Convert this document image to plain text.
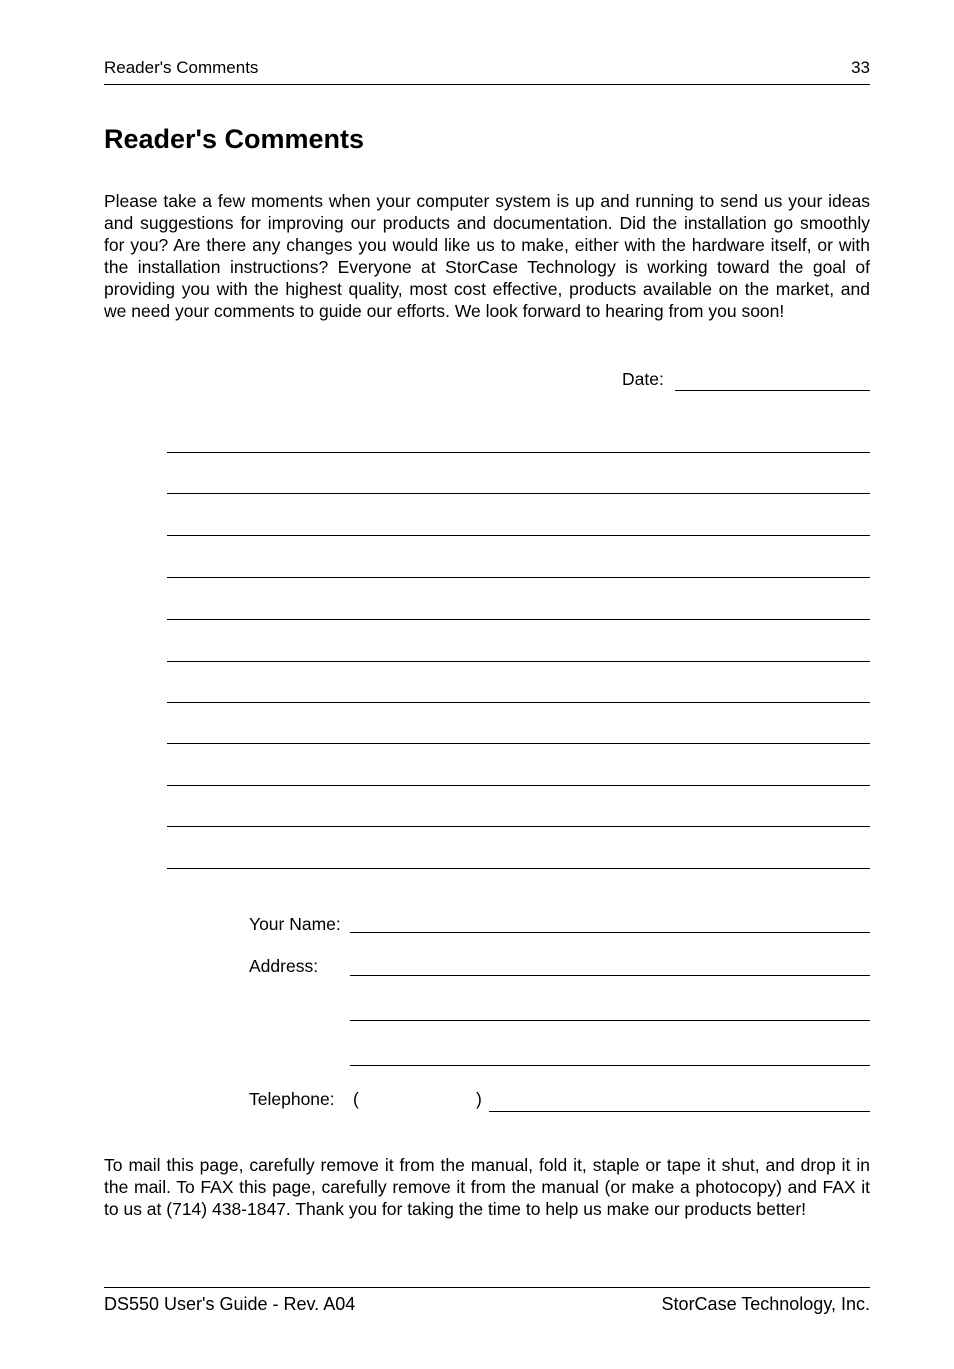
Reader's Comments	33
Reader's Comments

Please take a few moments when your computer system is up and running to send us your ideas and suggestions for improving our products and documentation. Did the installation go smoothly for you? Are there any changes you would like us to make, either with the hardware itself, or with the installation instructions? Everyone at StorCase Technology is working toward the goal of providing you with the highest quality, most cost effective, products available on the market, and we need your comments to guide our efforts. We look forward to hearing from you soon!

Date:
Your Name:
Address:
Telephone: (	)

To mail this page, carefully remove it from the manual, fold it, staple or tape it shut, and drop it in the mail. To FAX this page, carefully remove it from the manual (or make a photocopy) and FAX it to us at (714) 438-1847. Thank you for taking the time to help us make our products better!

DS550 User's Guide - Rev. A04	StorCase Technology, Inc.
